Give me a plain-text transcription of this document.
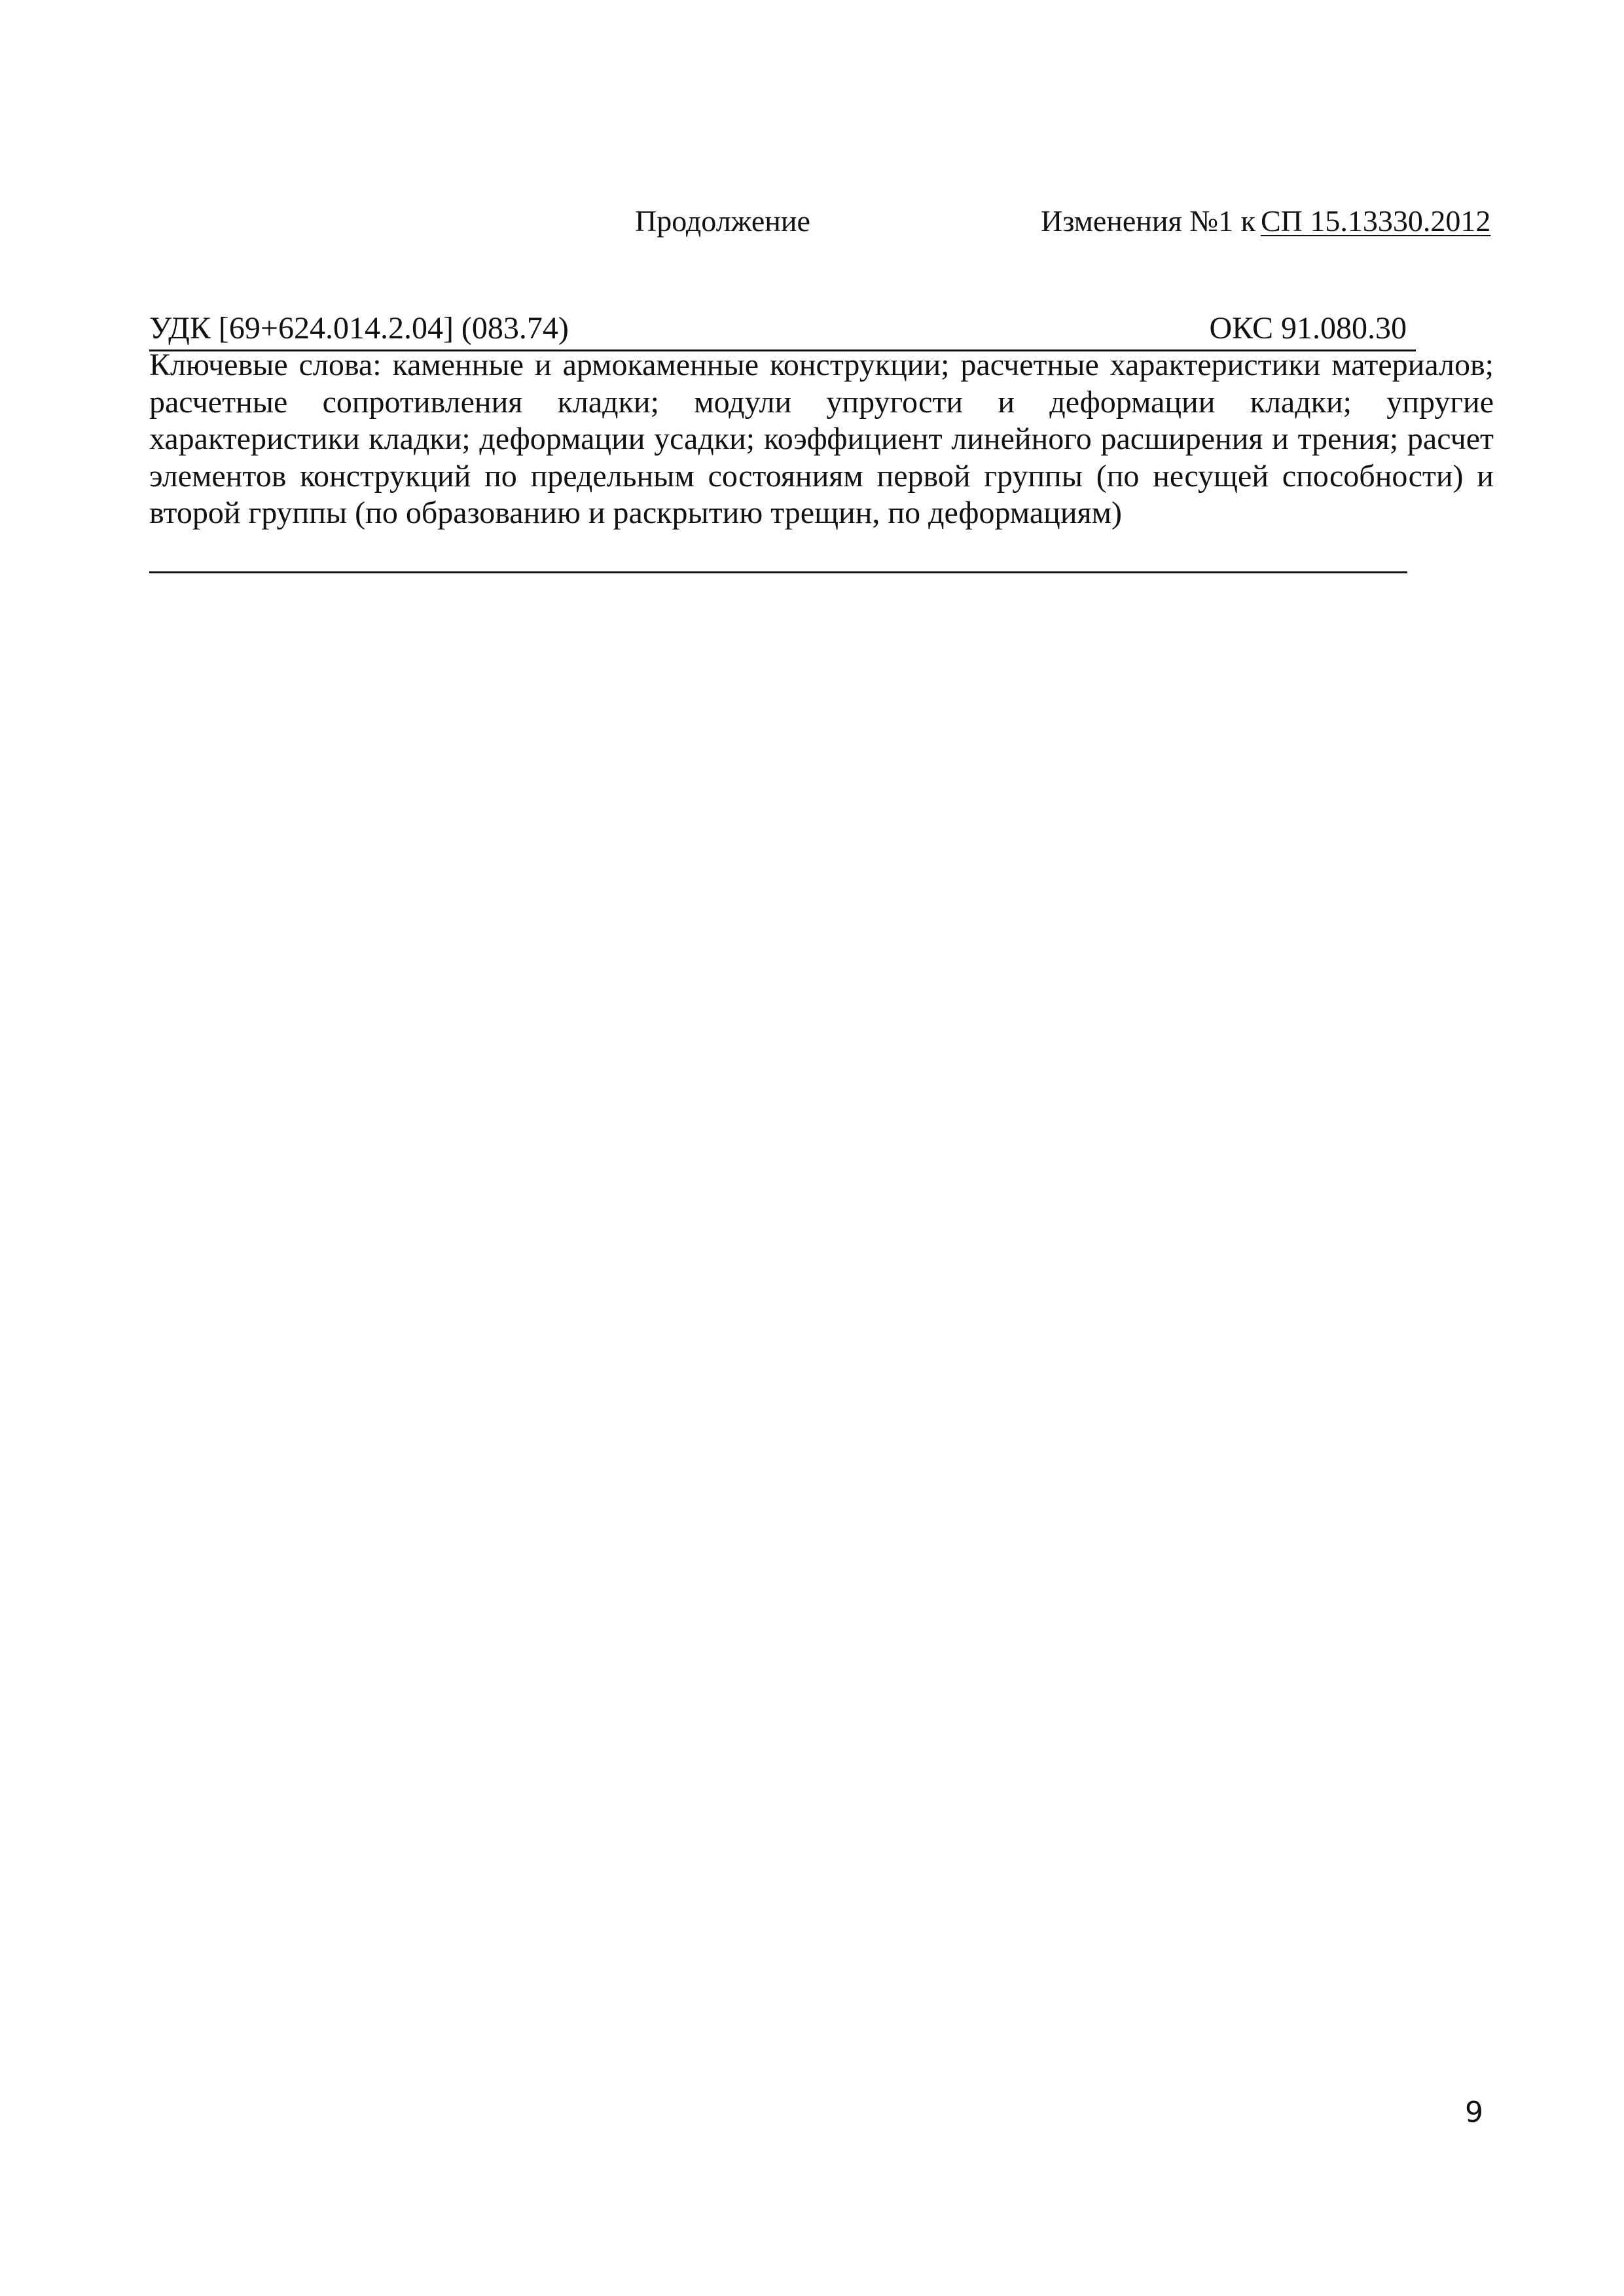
Продолжение	Изменения №1 к СП 15.13330.2012
УДК [69+624.014.2.04] (083.74)	ОКС 91.080.30
Ключевые слова: каменные и армокаменные конструкции; расчетные характеристики материалов; расчетные сопротивления кладки; модули упругости и деформации кладки; упругие характеристики кладки; деформации усадки; коэффициент линейного расширения и трения; расчет элементов конструкций по предельным состояниям первой группы (по несущей способности) и второй группы (по образованию и раскрытию трещин, по деформациям)
9
